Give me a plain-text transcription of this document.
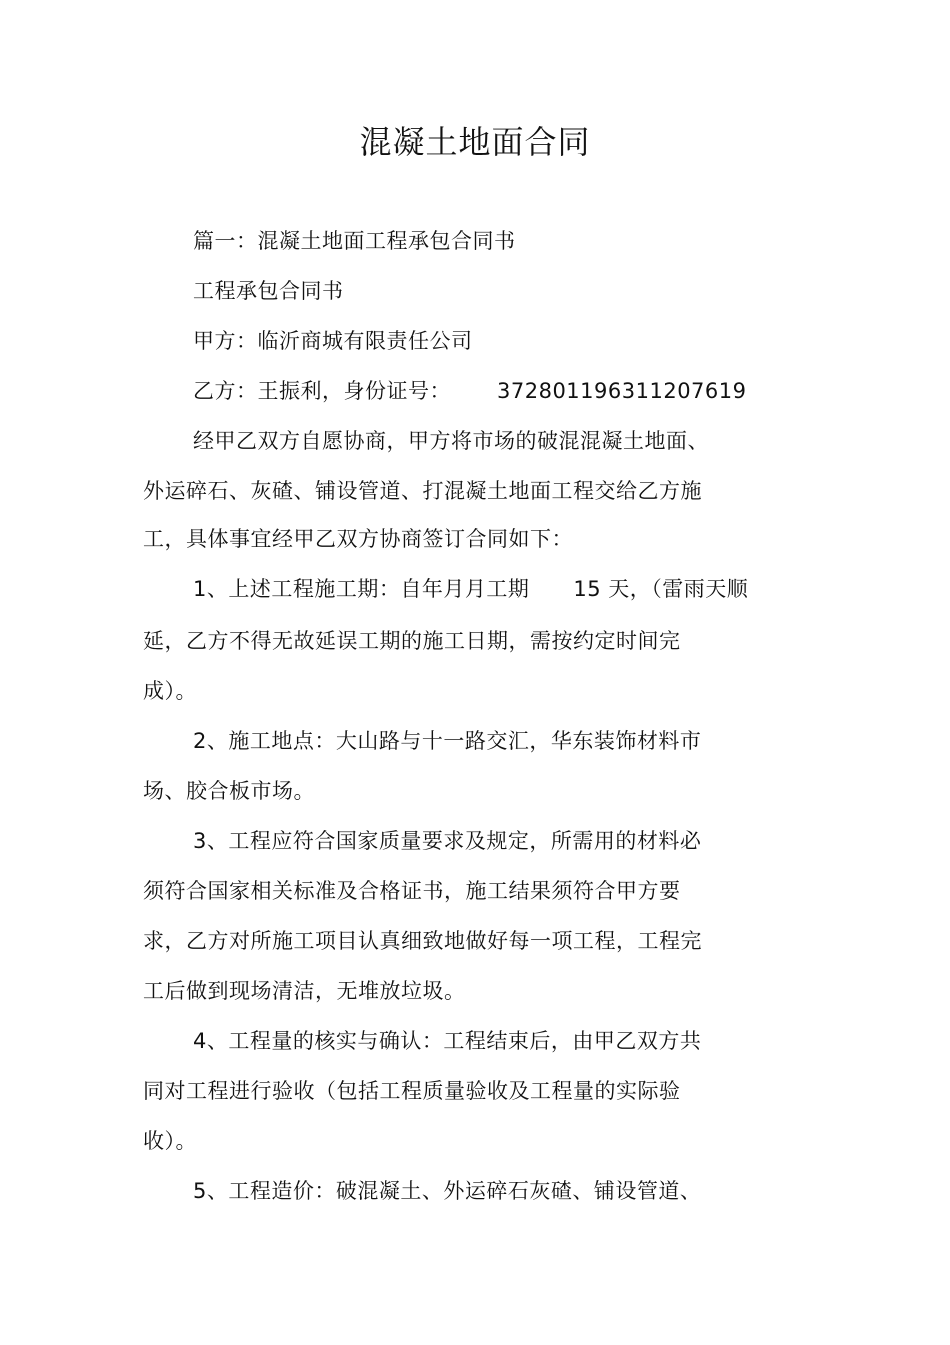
混凝土地面合同
篇一：混凝土地面工程承包合同书
工程承包合同书
甲方：临沂商城有限责任公司
乙方：王振利，身份证号： 372801196311207619
经甲乙双方自愿协商，甲方将市场的破混混凝土地面、
外运碎石、灰碴、铺设管道、打混凝土地面工程交给乙方施
工，具体事宜经甲乙双方协商签订合同如下：
1、上述工程施工期：自年月月工期 15 天，（雷雨天顺
延，乙方不得无故延误工期的施工日期，需按约定时间完
成）。
2、施工地点：大山路与十一路交汇，华东装饰材料市
场、胶合板市场。
3、工程应符合国家质量要求及规定，所需用的材料必
须符合国家相关标准及合格证书，施工结果须符合甲方要
求，乙方对所施工项目认真细致地做好每一项工程，工程完
工后做到现场清洁，无堆放垃圾。
4、工程量的核实与确认：工程结束后，由甲乙双方共
同对工程进行验收（包括工程质量验收及工程量的实际验
收）。
5、工程造价：破混凝土、外运碎石灰碴、铺设管道、
